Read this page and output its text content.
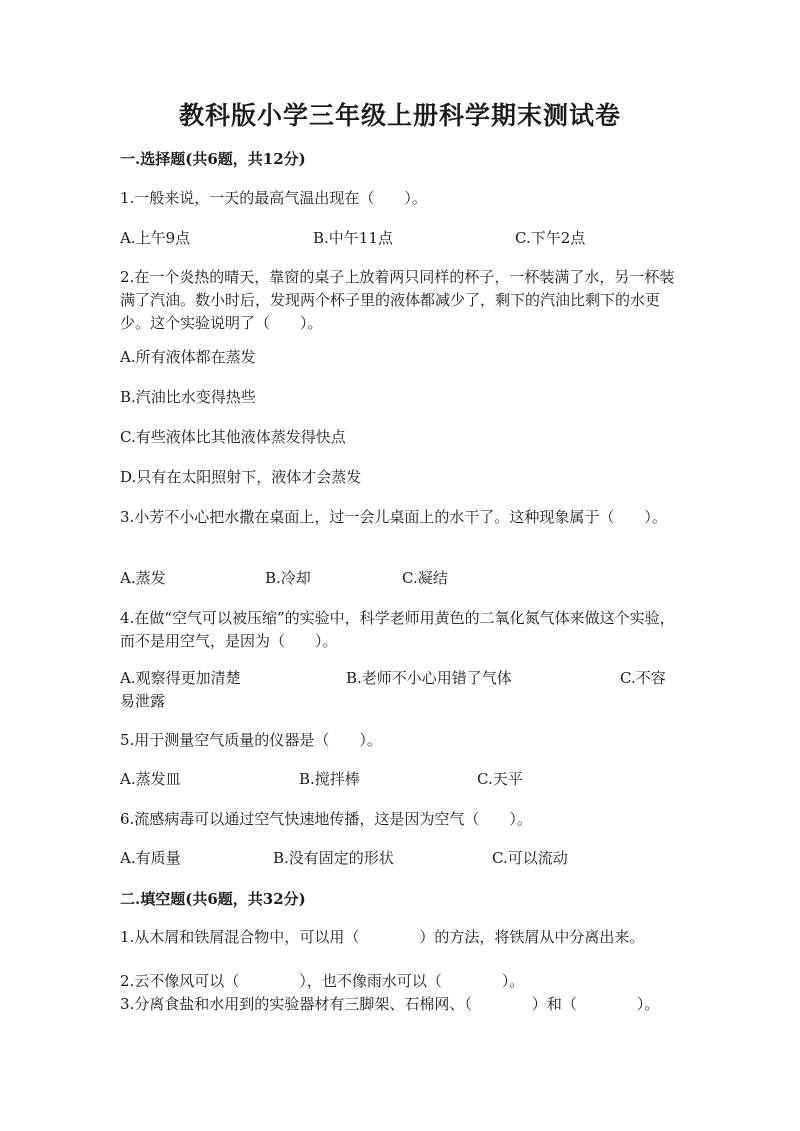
教科版小学三年级上册科学期末测试卷
一.选择题(共6题，共12分)

1.一般来说，一天的最高气温出现在（　　）。

A.上午9点	B.中午11点	C.下午2点

2.在一个炎热的晴天，靠窗的桌子上放着两只同样的杯子，一杯装满了水，另一杯装满了汽油。数小时后，发现两个杯子里的液体都减少了，剩下的汽油比剩下的水更少。这个实验说明了（　　）。

A.所有液体都在蒸发
B.汽油比水变得热些
C.有些液体比其他液体蒸发得快点
D.只有在太阳照射下，液体才会蒸发

3.小芳不小心把水撒在桌面上，过一会儿桌面上的水干了。这种现象属于（　　）。

A.蒸发	B.冷却	C.凝结

4.在做“空气可以被压缩”的实验中，科学老师用黄色的二氧化氮气体来做这个实验，而不是用空气，是因为（　　）。

A.观察得更加清楚	B.老师不小心用错了气体	C.不容
易泄露

5.用于测量空气质量的仪器是（　　）。

A.蒸发皿	B.搅拌棒	C.天平

6.流感病毒可以通过空气快速地传播，这是因为空气（　　）。

A.有质量	B.没有固定的形状	C.可以流动
二.填空题(共6题，共32分)

1.从木屑和铁屑混合物中，可以用（　　　　）的方法，将铁屑从中分离出来。

2.云不像风可以（　　　　），也不像雨水可以（　　　　）。

3.分离食盐和水用到的实验器材有三脚架、石棉网、（　　　　）和（　　　　）。
